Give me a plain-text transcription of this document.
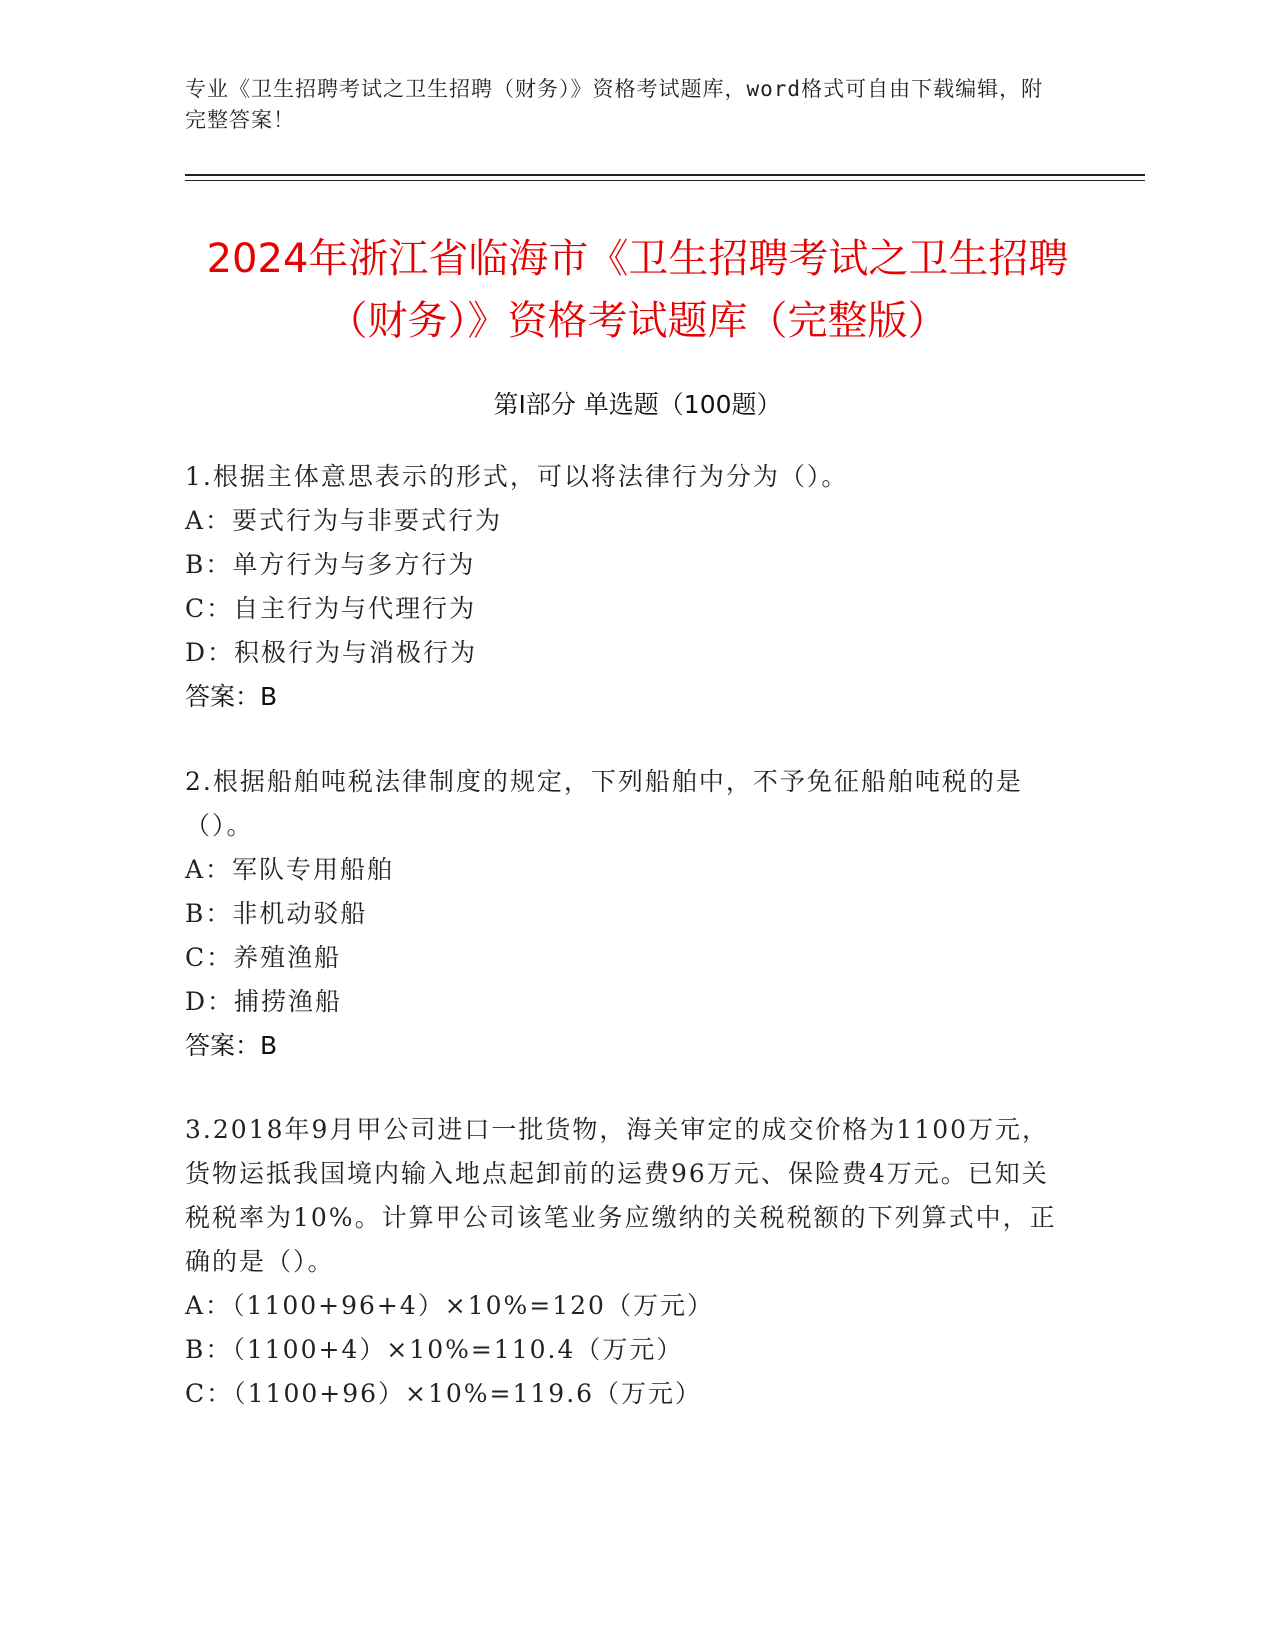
专业《卫生招聘考试之卫生招聘（财务）》资格考试题库，word格式可自由下载编辑，附完整答案！
2024年浙江省临海市《卫生招聘考试之卫生招聘（财务）》资格考试题库（完整版）
第Ⅰ部分 单选题（100题）
1.根据主体意思表示的形式，可以将法律行为分为（）。
A：要式行为与非要式行为
B：单方行为与多方行为
C：自主行为与代理行为
D：积极行为与消极行为
答案：B
2.根据船舶吨税法律制度的规定，下列船舶中，不予免征船舶吨税的是（）。
A：军队专用船舶
B：非机动驳船
C：养殖渔船
D：捕捞渔船
答案：B
3.2018年9月甲公司进口一批货物，海关审定的成交价格为1100万元，货物运抵我国境内输入地点起卸前的运费96万元、保险费4万元。已知关税税率为10%。计算甲公司该笔业务应缴纳的关税税额的下列算式中，正确的是（）。
A：（1100+96+4）×10%=120（万元）
B：（1100+4）×10%=110.4（万元）
C：（1100+96）×10%=119.6（万元）
